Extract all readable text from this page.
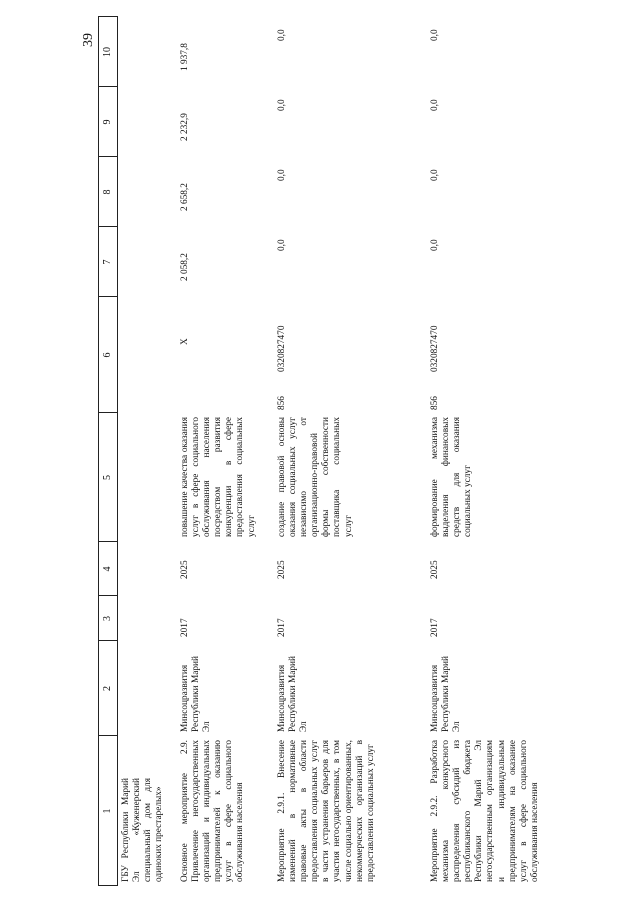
39
1
2
3
4
5
6
7
8
9
10
ГБУ Республики Марий Эл «Куженерский специальный дом для одиноких престарелых» Основное мероприятие 2.9. Привлечение негосударственных организаций и индивидуальных предпринимателей к оказанию услуг в сфере социального обслуживания населения
Минсоцразвития Республики Марий Эл
2017
2025
повышение качества оказания услуг в сфере социального обслуживания населения посредством развития конкуренции в сфере предоставления социальных услуг
Х
2 058,2
2 658,2
2 232,9
1 937,8
Мероприятие 2.9.1. Внесение изменений в нормативные правовые акты в области предоставления социальных услуг в части устранения барьеров для участия негосударственных, в том числе социально ориентированных, некоммерческих организаций в предоставлении социальных услуг
Минсоцразвития Республики Марий Эл
2017
2025
создание правовой основы оказания социальных услуг независимо от организационно-правовой формы собственности поставщика социальных услуг
856
0320827470
0,0
0,0
0,0
0,0
Мероприятие 2.9.2. Разработка механизма конкурсного распределения субсидий из республиканского бюджета Республики Марий Эл негосударственным организациям и индивидуальным предпринимателям на оказание услуг в сфере социального обслуживания населения
Минсоцразвития Республики Марий Эл
2017
2025
формирование механизма выделения финансовых средств для оказания социальных услуг
856
0320827470
0,0
0,0
0,0
0,0
